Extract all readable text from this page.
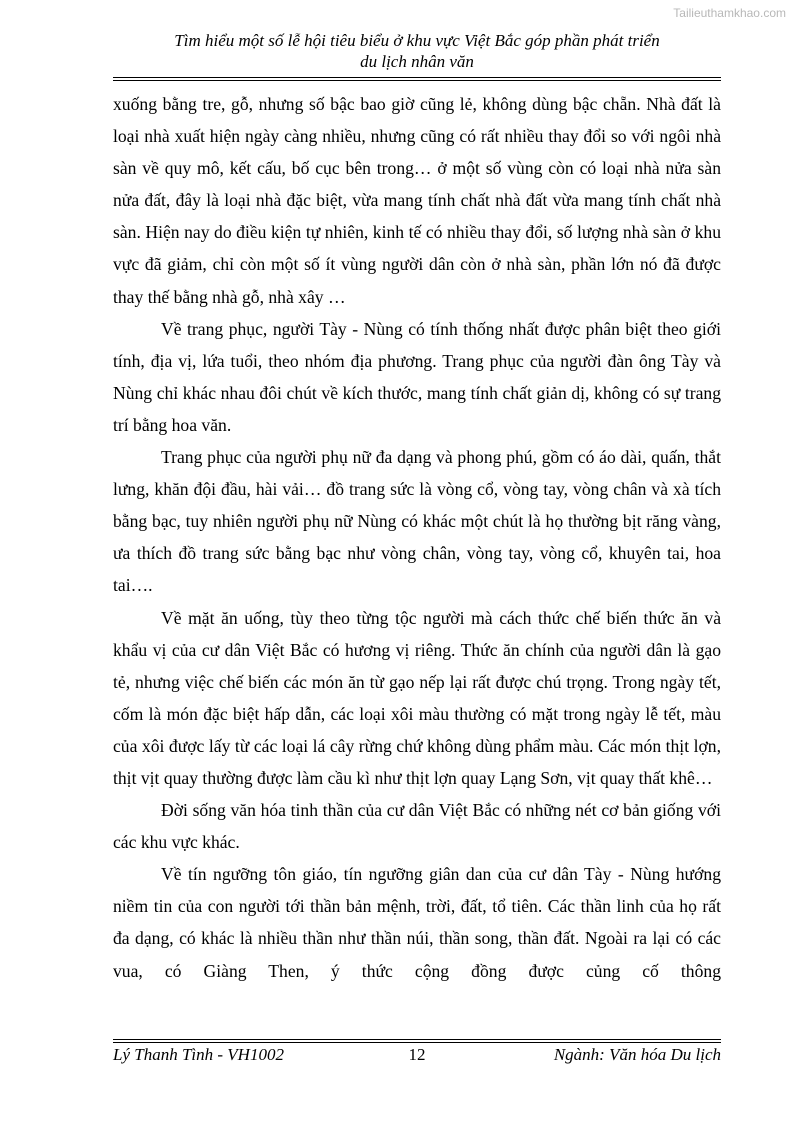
Tailieuthamkhao.com
Tìm hiểu một số lễ hội tiêu biểu ở khu vực Việt Bắc góp phần phát triển
du lịch nhân văn

xuống bằng tre, gỗ, nhưng số bậc bao giờ cũng lẻ, không dùng bậc chẵn. Nhà đất là loại nhà xuất hiện ngày càng nhiều, nhưng cũng có rất nhiều thay đổi so với ngôi nhà sàn về quy mô, kết cấu, bố cục bên trong… ở một số vùng còn có loại nhà nửa sàn nửa đất, đây là loại nhà đặc biệt, vừa mang tính chất nhà đất vừa mang tính chất nhà sàn. Hiện nay do điều kiện tự nhiên, kinh tế có nhiều thay đổi, số lượng nhà sàn ở khu vực đã giảm, chỉ còn một số ít vùng người dân còn ở nhà sàn, phần lớn nó đã được thay thế bằng nhà gỗ, nhà xây …

Về trang phục, người Tày - Nùng có tính thống nhất được phân biệt theo giới tính, địa vị, lứa tuổi, theo nhóm địa phương. Trang phục của người đàn ông Tày và Nùng chỉ khác nhau đôi chút về kích thước, mang tính chất giản dị, không có sự trang trí bằng hoa văn.

Trang phục của người phụ nữ đa dạng và phong phú, gồm có áo dài, quấn, thắt lưng, khăn đội đầu, hài vải… đồ trang sức là vòng cổ, vòng tay, vòng chân và xà tích bằng bạc, tuy nhiên người phụ nữ Nùng có khác một chút là họ thường bịt răng vàng, ưa thích đồ trang sức bằng bạc như vòng chân, vòng tay, vòng cổ, khuyên tai, hoa tai….

Về mặt ăn uống, tùy theo từng tộc người mà cách thức chế biến thức ăn và khẩu vị của cư dân Việt Bắc có hương vị riêng. Thức ăn chính của người dân là gạo tẻ, nhưng việc chế biến các món ăn từ gạo nếp lại rất được chú trọng. Trong ngày tết, cốm là món đặc biệt hấp dẫn, các loại xôi màu thường có mặt trong ngày lễ tết, màu của xôi được lấy từ các loại lá cây rừng chứ không dùng phẩm màu. Các món thịt lợn, thịt vịt quay thường được làm cầu kì như thịt lợn quay Lạng Sơn, vịt quay thất khê…

Đời sống văn hóa tinh thần của cư dân Việt Bắc có những nét cơ bản giống với các khu vực khác.

Về tín ngưỡng tôn giáo, tín ngưỡng giân dan của cư dân Tày - Nùng hướng niềm tin của con người tới thần bản mệnh, trời, đất, tổ tiên. Các thần linh của họ rất đa dạng, có khác là nhiều thần như thần núi, thần song, thần đất. Ngoài ra lại có các vua, có Giàng Then, ý thức cộng đồng được củng cố thông

Lý Thanh Tình - VH1002	12	Ngành: Văn hóa Du lịch
